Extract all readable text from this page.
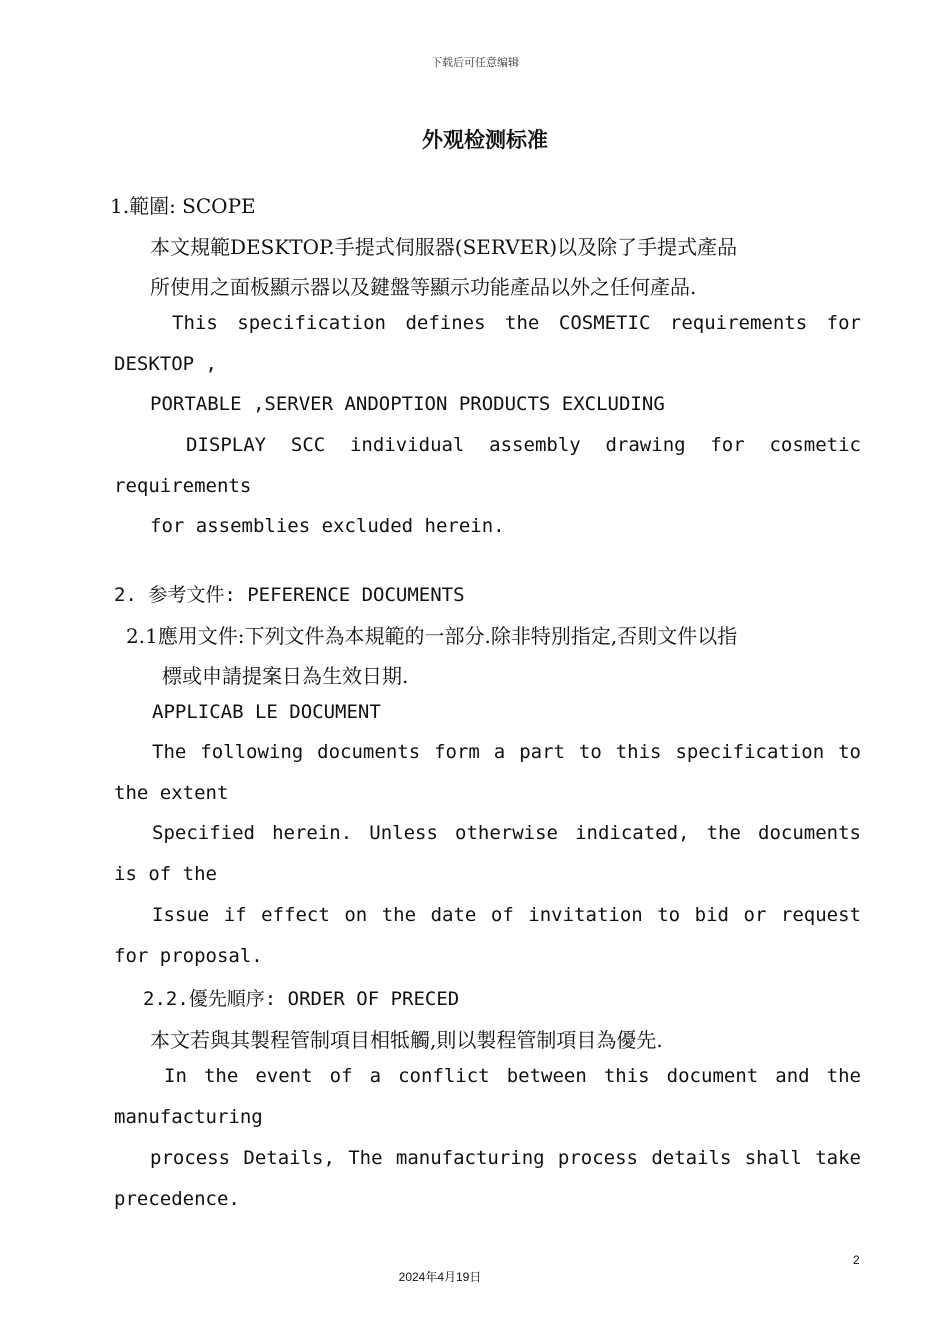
下载后可任意编辑
外观检测标准
1.範圍: SCOPE
本文規範DESKTOP.手提式伺服器(SERVER)以及除了手提式產品
所使用之面板顯示器以及鍵盤等顯示功能產品以外之任何產品.
This specification defines the COSMETIC requirements for
DESKTOP ,
PORTABLE ,SERVER ANDOPTION PRODUCTS EXCLUDING
DISPLAY SCC individual assembly drawing for cosmetic
requirements
for assemblies excluded herein.
2. 参考文件: PEFERENCE DOCUMENTS
2.1應用文件:下列文件為本規範的一部分.除非特別指定,否則文件以指
標或申請提案日為生效日期.
APPLICAB LE DOCUMENT
The following documents form a part to this specification to
the extent
Specified herein. Unless otherwise indicated, the documents
is of the
Issue if effect on the date of invitation to bid or request
for proposal.
2.2.優先順序: ORDER OF PRECED
本文若與其製程管制項目相牴觸,則以製程管制項目為優先.
In the event of a conflict between this document and the
manufacturing
process Details, The manufacturing process details shall take
precedence.
2
2024年4月19日
